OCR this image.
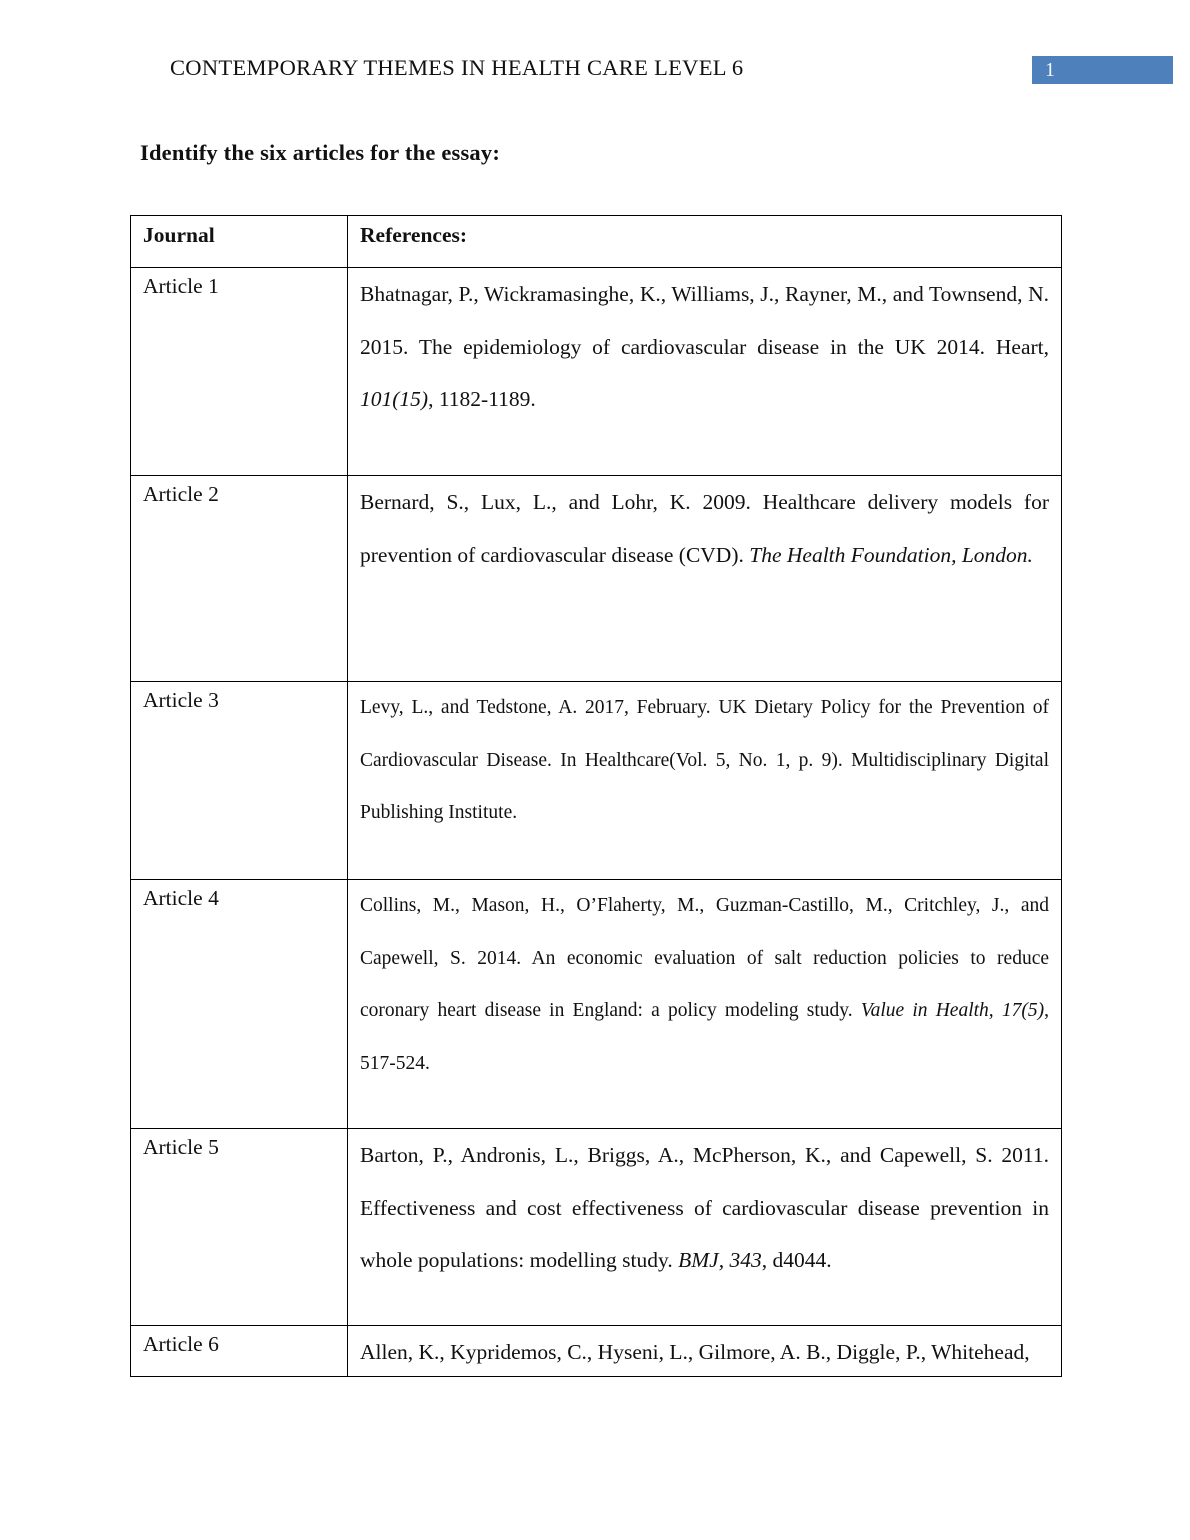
CONTEMPORARY THEMES IN HEALTH CARE LEVEL 6	1
Identify the six articles for the essay:
Journal	References:
Article 1	Bhatnagar, P., Wickramasinghe, K., Williams, J., Rayner, M., and Townsend, N. 2015. The epidemiology of cardiovascular disease in the UK 2014. Heart, 101(15), 1182-1189.

Article 2	Bernard, S., Lux, L., and Lohr, K. 2009. Healthcare delivery models for prevention of cardiovascular disease (CVD). The Health Foundation, London.

Article 3	Levy, L., and Tedstone, A. 2017, February. UK Dietary Policy for the Prevention of Cardiovascular Disease. In Healthcare(Vol. 5, No. 1, p. 9). Multidisciplinary Digital Publishing Institute.

Article 4	Collins, M., Mason, H., O’Flaherty, M., Guzman-Castillo, M., Critchley, J., and Capewell, S. 2014. An economic evaluation of salt reduction policies to reduce coronary heart disease in England: a policy modeling study. Value in Health, 17(5), 517-524.

Article 5	Barton, P., Andronis, L., Briggs, A., McPherson, K., and Capewell, S. 2011. Effectiveness and cost effectiveness of cardiovascular disease prevention in whole populations: modelling study. BMJ, 343, d4044.

Article 6	Allen, K., Kypridemos, C., Hyseni, L., Gilmore, A. B., Diggle, P., Whitehead,
